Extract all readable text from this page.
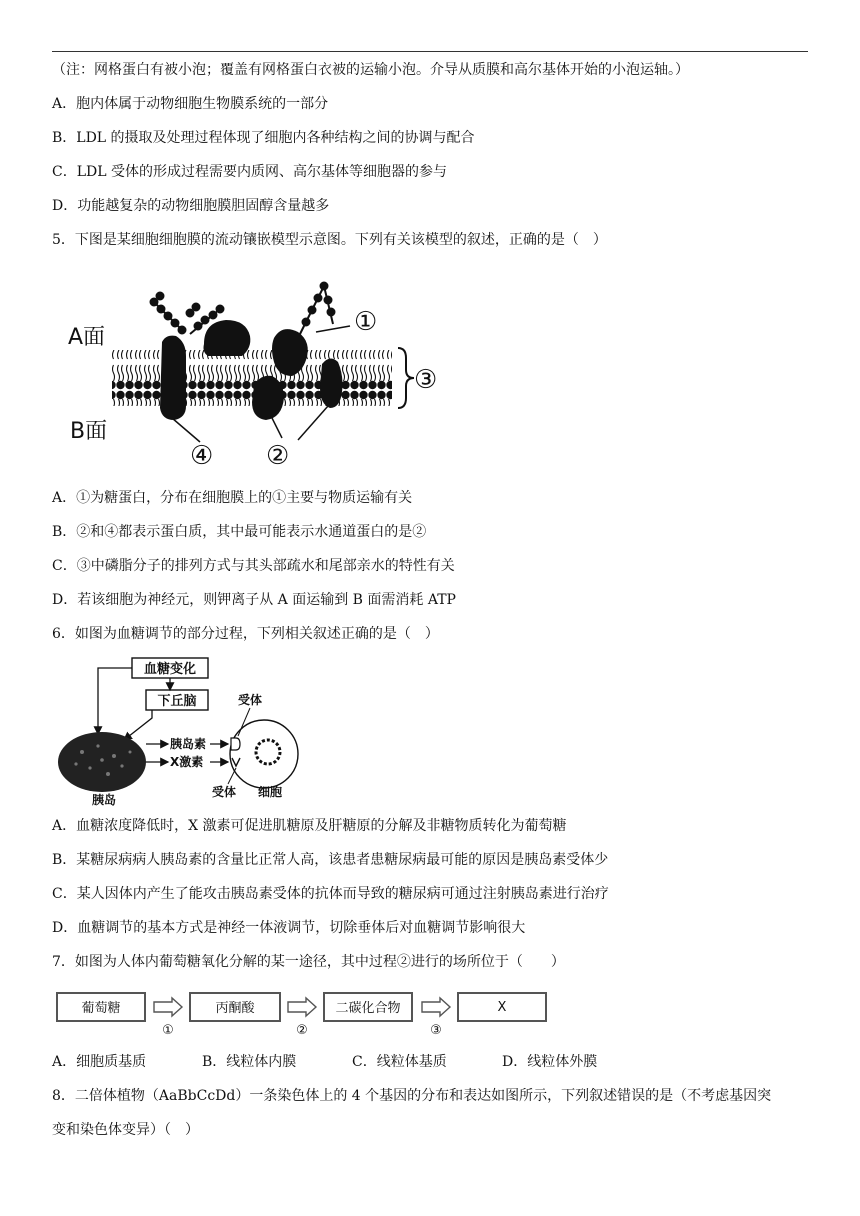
（注：网格蛋白有被小泡；覆盖有网格蛋白衣被的运输小泡。介导从质膜和高尔基体开始的小泡运轴。）
A．胞内体属于动物细胞生物膜系统的一部分
B．LDL 的摄取及处理过程体现了细胞内各种结构之间的协调与配合
C．LDL 受体的形成过程需要内质网、高尔基体等细胞器的参与
D．功能越复杂的动物细胞膜胆固醇含量越多
5．下图是某细胞细胞膜的流动镶嵌模型示意图。下列有关该模型的叙述，正确的是（　）
A面
B面
①
③
④ ②
A．①为糖蛋白，分布在细胞膜上的①主要与物质运输有关
B．②和④都表示蛋白质，其中最可能表示水通道蛋白的是②
C．③中磷脂分子的排列方式与其头部疏水和尾部亲水的特性有关
D．若该细胞为神经元，则钾离子从 A 面运输到 B 面需消耗 ATP
6．如图为血糖调节的部分过程，下列相关叙述正确的是（　）
血糖变化
下丘脑
胰岛
胰岛素
X激素
受体
受体 细胞
A．血糖浓度降低时，X 激素可促进肌糖原及肝糖原的分解及非糖物质转化为葡萄糖
B．某糖尿病病人胰岛素的含量比正常人高，该患者患糖尿病最可能的原因是胰岛素受体少
C．某人因体内产生了能攻击胰岛素受体的抗体而导致的糖尿病可通过注射胰岛素进行治疗
D．血糖调节的基本方式是神经一体液调节，切除垂体后对血糖调节影响很大
7．如图为人体内葡萄糖氧化分解的某一途径，其中过程②进行的场所位于（　　）
葡萄糖	丙酮酸	二碳化合物	X
①	②	③
A．细胞质基质	B．线粒体内膜	C．线粒体基质	D．线粒体外膜
8．二倍体植物（AaBbCcDd）一条染色体上的 4 个基因的分布和表达如图所示，下列叙述错误的是（不考虑基因突
变和染色体变异）（　）
